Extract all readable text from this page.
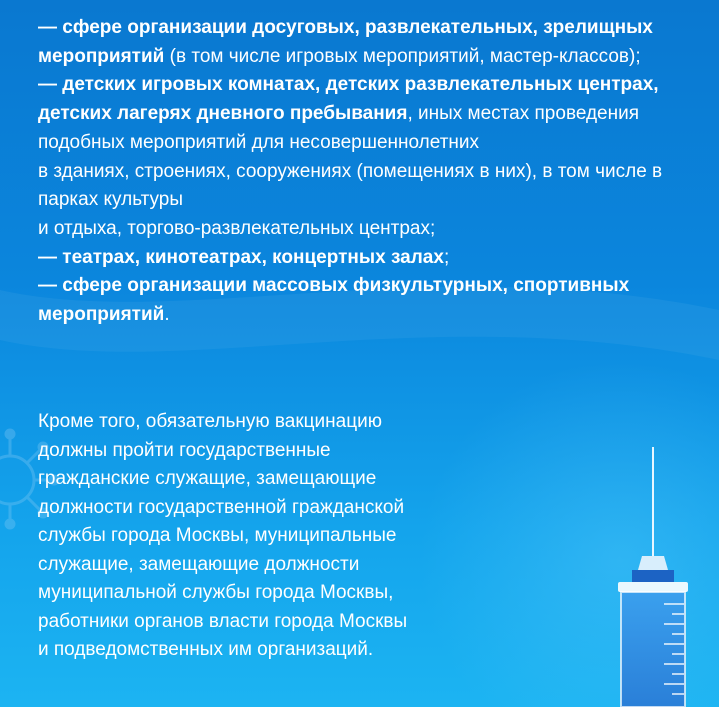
— сфере организации досуговых, развлекательных, зрелищных мероприятий (в том числе игровых мероприятий, мастер-классов);

— детских игровых комнатах, детских развлекательных центрах, детских лагерях дневного пребывания, иных местах проведения подобных мероприятий для несовершеннолетних

в зданиях, строениях, сооружениях (помещениях в них), в том числе в парках культуры

и отдыха, торгово-развлекательных центрах;

— театрах, кинотеатрах, концертных залах;

— сфере организации массовых физкультурных, спортивных мероприятий.

Кроме того, обязательную вакцинацию
должны пройти государственные
гражданские служащие, замещающие
должности государственной гражданской
службы города Москвы, муниципальные
служащие, замещающие должности
муниципальной службы города Москвы,
работники органов власти города Москвы
и подведомственных им организаций.
